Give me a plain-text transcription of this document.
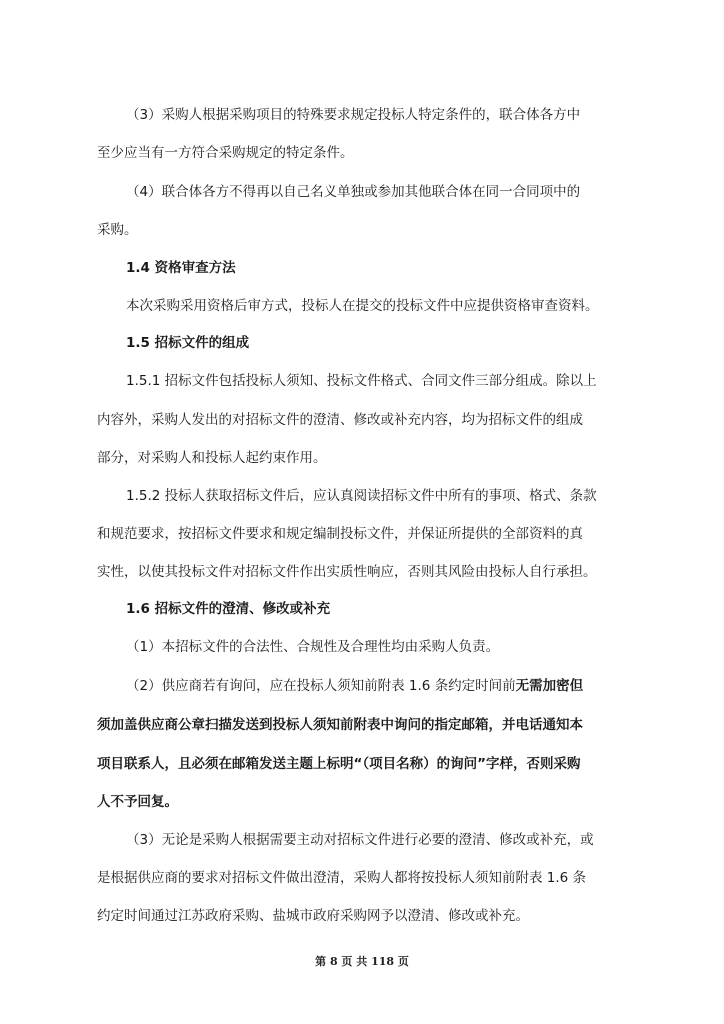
（3）采购人根据采购项目的特殊要求规定投标人特定条件的，联合体各方中
至少应当有一方符合采购规定的特定条件。
（4）联合体各方不得再以自己名义单独或参加其他联合体在同一合同项中的
采购。
1.4 资格审查方法
本次采购采用资格后审方式，投标人在提交的投标文件中应提供资格审查资料。
1.5 招标文件的组成
1.5.1 招标文件包括投标人须知、投标文件格式、合同文件三部分组成。除以上
内容外，采购人发出的对招标文件的澄清、修改或补充内容，均为招标文件的组成
部分，对采购人和投标人起约束作用。
1.5.2 投标人获取招标文件后，应认真阅读招标文件中所有的事项、格式、条款
和规范要求，按招标文件要求和规定编制投标文件，并保证所提供的全部资料的真
实性，以使其投标文件对招标文件作出实质性响应，否则其风险由投标人自行承担。
1.6 招标文件的澄清、修改或补充
（1）本招标文件的合法性、合规性及合理性均由采购人负责。
（2）供应商若有询问，应在投标人须知前附表 1.6 条约定时间前无需加密但
须加盖供应商公章扫描发送到投标人须知前附表中询问的指定邮箱，并电话通知本
项目联系人，且必须在邮箱发送主题上标明“（项目名称）的询问”字样，否则采购
人不予回复。
（3）无论是采购人根据需要主动对招标文件进行必要的澄清、修改或补充，或
是根据供应商的要求对招标文件做出澄清，采购人都将按投标人须知前附表 1.6 条
约定时间通过江苏政府采购、盐城市政府采购网予以澄清、修改或补充。
第 8 页 共 118 页
